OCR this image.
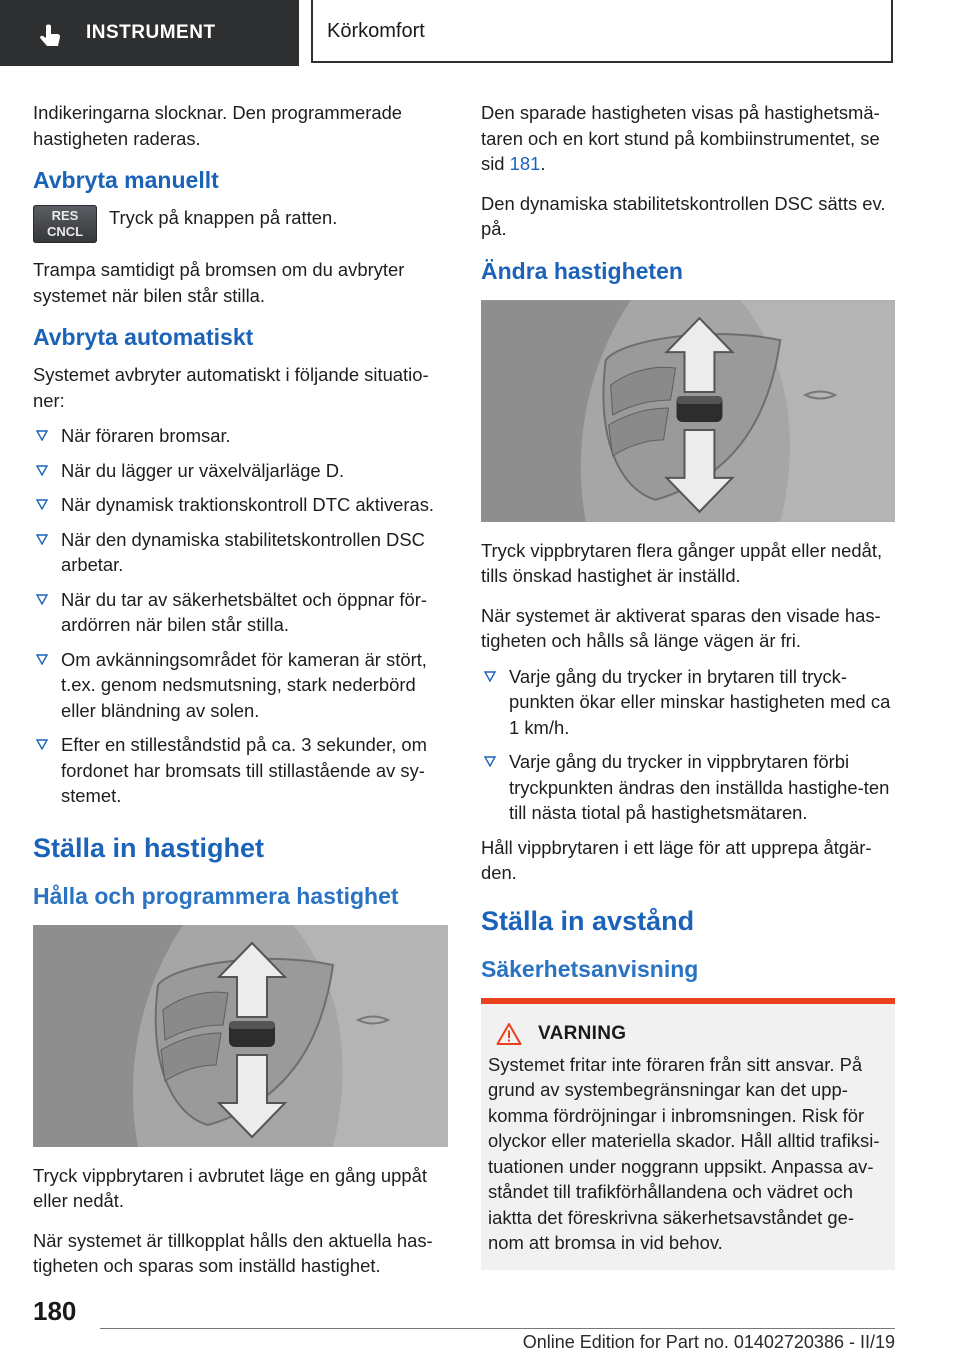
INSTRUMENT	Körkomfort

Indikeringarna slocknar. Den programmerade hastigheten raderas.

Avbryta manuellt
RES
CNCL

Tryck på knappen på ratten.

Trampa samtidigt på bromsen om du avbryter systemet när bilen står stilla.

Avbryta automatiskt

Systemet avbryter automatiskt i följande situatio-ner:

När föraren bromsar.
När du lägger ur växelväljarläge D.
När dynamisk traktionskontroll DTC aktiveras.
När den dynamiska stabilitetskontrollen DSC arbetar.
När du tar av säkerhetsbältet och öppnar för-ardörren när bilen står stilla.
Om avkänningsområdet för kameran är stört, t.ex. genom nedsmutsning, stark nederbörd eller bländning av solen.
Efter en stilleståndstid på ca. 3 sekunder, om fordonet har bromsats till stillastående av sy-stemet.
Ställa in hastighet
Hålla och programmera hastighet

Tryck vippbrytaren i avbrutet läge en gång uppåt eller nedåt.

När systemet är tillkopplat hålls den aktuella has-tigheten och sparas som inställd hastighet.

Den sparade hastigheten visas på hastighetsmä-taren och en kort stund på kombiinstrumentet, se sid 181.

Den dynamiska stabilitetskontrollen DSC sätts ev. på.

Ändra hastigheten

Tryck vippbrytaren flera gånger uppåt eller nedåt, tills önskad hastighet är inställd.

När systemet är aktiverat sparas den visade has-tigheten och hålls så länge vägen är fri.

Varje gång du trycker in brytaren till tryck-punkten ökar eller minskar hastigheten med ca 1 km/h.
Varje gång du trycker in vippbrytaren förbi tryckpunkten ändras den inställda hastighe-ten till nästa tiotal på hastighetsmätaren.

Håll vippbrytaren i ett läge för att upprepa åtgär-den.

Ställa in avstånd
Säkerhetsanvisning
VARNING

Systemet fritar inte föraren från sitt ansvar. På grund av systembegränsningar kan det upp-komma fördröjningar i inbromsningen. Risk för olyckor eller materiella skador. Håll alltid trafiksi-tuationen under noggrann uppsikt. Anpassa av-ståndet till trafikförhållandena och vädret och iaktta det föreskrivna säkerhetsavståndet ge-nom att bromsa in vid behov.

180
Online Edition for Part no. 01402720386 - II/19
